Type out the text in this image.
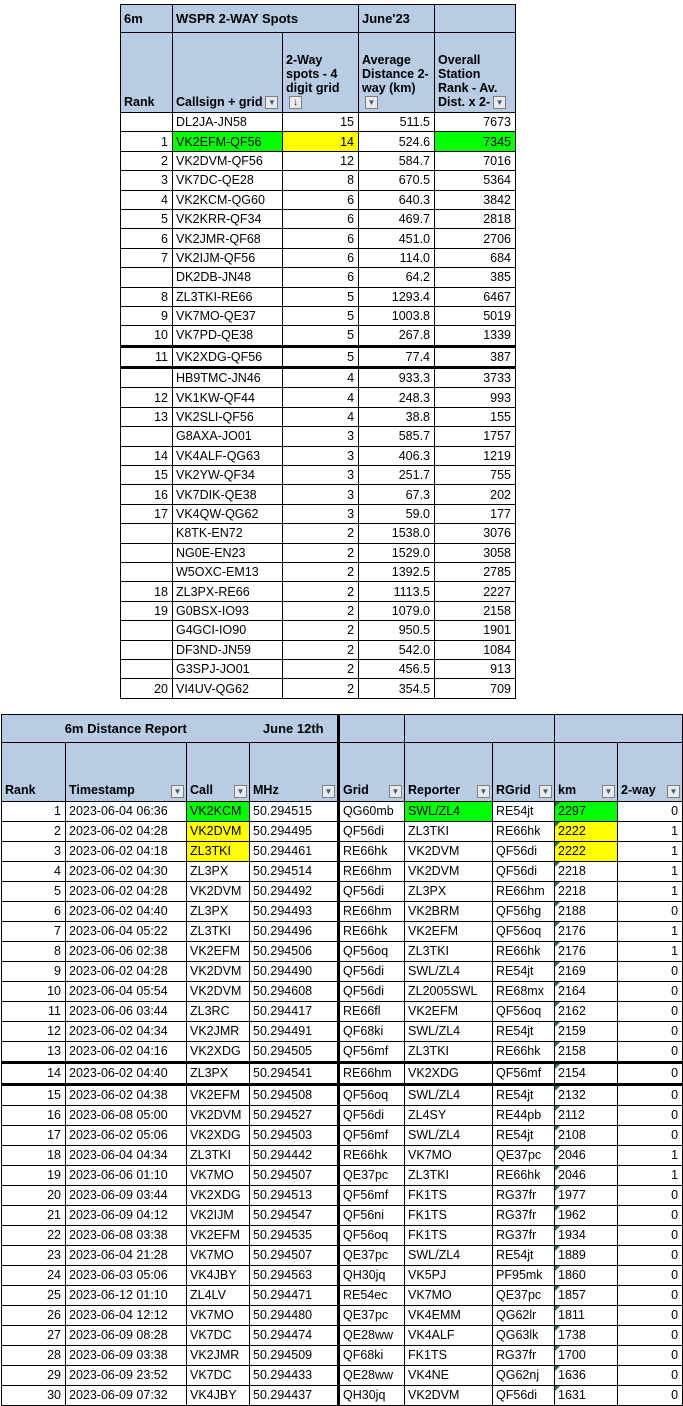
6m	WSPR 2-WAY Spots		June'23	
Rank	Callsign + grid ▼	2-Way spots - 4 digit grid↓	Average Distance 2-way (km)▼	Overall Station Rank - Av. Dist. x 2- ▼
	DL2JA-JN58	15	511.5	7673
1	VK2EFM-QF56	14	524.6	7345
2	VK2DVM-QF56	12	584.7	7016
3	VK7DC-QE28	8	670.5	5364
4	VK2KCM-QG60	6	640.3	3842
5	VK2KRR-QF34	6	469.7	2818
6	VK2JMR-QF68	6	451.0	2706
7	VK2IJM-QF56	6	114.0	684
	DK2DB-JN48	6	64.2	385
8	ZL3TKI-RE66	5	1293.4	6467
9	VK7MO-QE37	5	1003.8	5019
10	VK7PD-QE38	5	267.8	1339
11	VK2XDG-QF56	5	77.4	387
	HB9TMC-JN46	4	933.3	3733
12	VK1KW-QF44	4	248.3	993
13	VK2SLI-QF56	4	38.8	155
	G8AXA-JO01	3	585.7	1757
14	VK4ALF-QG63	3	406.3	1219
15	VK2YW-QF34	3	251.7	755
16	VK7DIK-QE38	3	67.3	202
17	VK4QW-QG62	3	59.0	177
	K8TK-EN72	2	1538.0	3076
	NG0E-EN23	2	1529.0	3058
	W5OXC-EM13	2	1392.5	2785
18	ZL3PX-RE66	2	1113.5	2227
19	G0BSX-IO93	2	1079.0	2158
	G4GCI-IO90	2	950.5	1901
	DF3ND-JN59	2	542.0	1084
	G3SPJ-JO01	2	456.5	913
20	VI4UV-QG62	2	354.5	709
6m Distance Report			June 12th					
Rank	Timestamp ▼	Call ▼	MHz ▼	Grid ▼	Reporter ▼	RGrid ▼	km ▼	2-way ▼

1	2023-06-04 06:36	VK2KCM	50.294515	QG60mb	SWL/ZL4	RE54jt	2297	0
2	2023-06-02 04:28	VK2DVM	50.294495	QF56di	ZL3TKI	RE66hk	2222	1
3	2023-06-02 04:18	ZL3TKI	50.294461	RE66hk	VK2DVM	QF56di	2222	1
4	2023-06-02 04:30	ZL3PX	50.294514	RE66hm	VK2DVM	QF56di	2218	1
5	2023-06-02 04:28	VK2DVM	50.294492	QF56di	ZL3PX	RE66hm	2218	1
6	2023-06-02 04:40	ZL3PX	50.294493	RE66hm	VK2BRM	QF56hg	2188	0
7	2023-06-04 05:22	ZL3TKI	50.294496	RE66hk	VK2EFM	QF56oq	2176	1
8	2023-06-06 02:38	VK2EFM	50.294506	QF56oq	ZL3TKI	RE66hk	2176	1
9	2023-06-02 04:28	VK2DVM	50.294490	QF56di	SWL/ZL4	RE54jt	2169	0
10	2023-06-04 05:54	VK2DVM	50.294608	QF56di	ZL2005SWL	RE68mx	2164	0
11	2023-06-06 03:44	ZL3RC	50.294417	RE66fl	VK2EFM	QF56oq	2162	0
12	2023-06-02 04:34	VK2JMR	50.294491	QF68ki	SWL/ZL4	RE54jt	2159	0
13	2023-06-02 04:16	VK2XDG	50.294505	QF56mf	ZL3TKI	RE66hk	2158	0
14	2023-06-02 04:40	ZL3PX	50.294541	RE66hm	VK2XDG	QF56mf	2154	0
15	2023-06-02 04:38	VK2EFM	50.294508	QF56oq	SWL/ZL4	RE54jt	2132	0
16	2023-06-08 05:00	VK2DVM	50.294527	QF56di	ZL4SY	RE44pb	2112	0
17	2023-06-02 05:06	VK2XDG	50.294503	QF56mf	SWL/ZL4	RE54jt	2108	0
18	2023-06-04 04:34	ZL3TKI	50.294442	RE66hk	VK7MO	QE37pc	2046	1
19	2023-06-06 01:10	VK7MO	50.294507	QE37pc	ZL3TKI	RE66hk	2046	1
20	2023-06-09 03:44	VK2XDG	50.294513	QF56mf	FK1TS	RG37fr	1977	0
21	2023-06-09 04:12	VK2IJM	50.294547	QF56ni	FK1TS	RG37fr	1962	0
22	2023-06-08 03:38	VK2EFM	50.294535	QF56oq	FK1TS	RG37fr	1934	0
23	2023-06-04 21:28	VK7MO	50.294507	QE37pc	SWL/ZL4	RE54jt	1889	0
24	2023-06-03 05:06	VK4JBY	50.294563	QH30jq	VK5PJ	PF95mk	1860	0
25	2023-06-12 01:10	ZL4LV	50.294471	RE54ec	VK7MO	QE37pc	1857	0
26	2023-06-04 12:12	VK7MO	50.294480	QE37pc	VK4EMM	QG62lr	1811	0
27	2023-06-09 08:28	VK7DC	50.294474	QE28ww	VK4ALF	QG63lk	1738	0
28	2023-06-09 03:38	VK2JMR	50.294509	QF68ki	FK1TS	RG37fr	1700	0
29	2023-06-09 23:52	VK7DC	50.294433	QE28ww	VK4NE	QG62nj	1636	0
30	2023-06-09 07:32	VK4JBY	50.294437	QH30jq	VK2DVM	QF56di	1631	0
